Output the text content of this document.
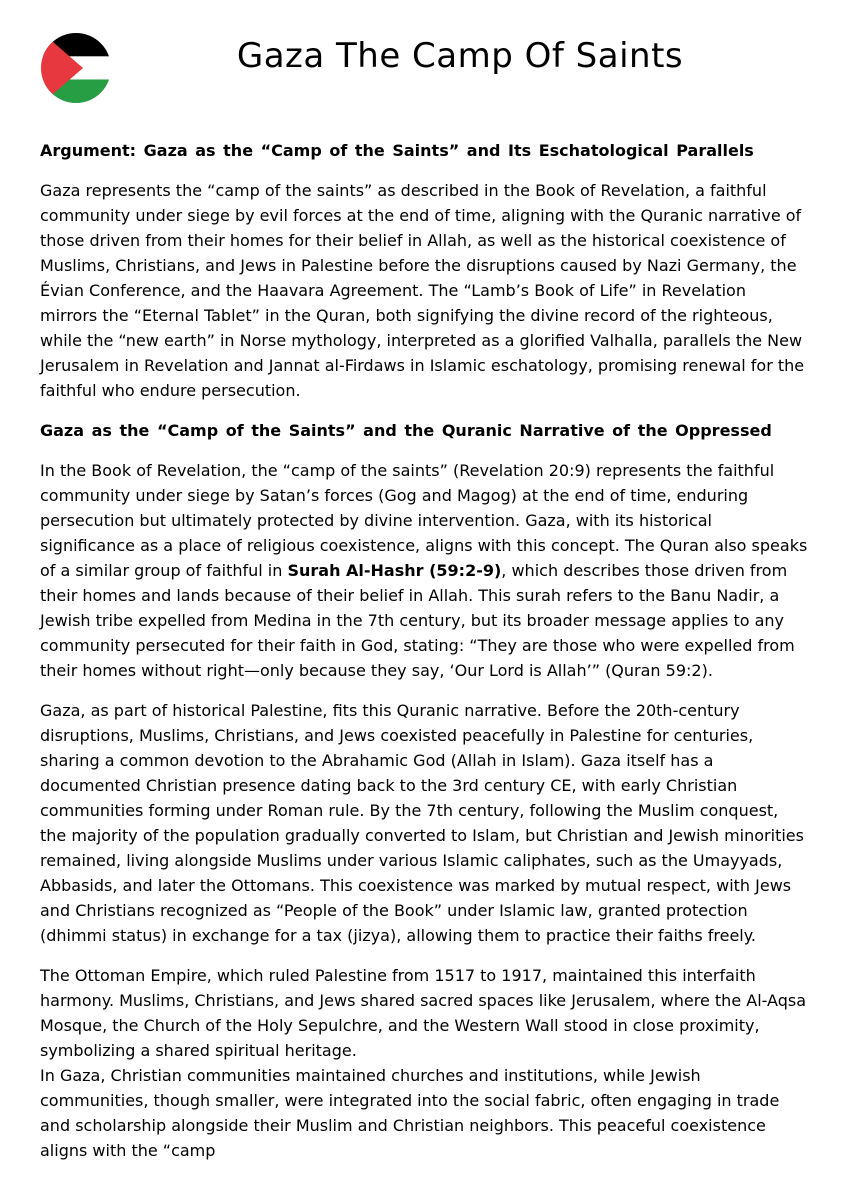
Gaza The Camp Of Saints
Argument: Gaza as the “Camp of the Saints” and Its Eschatological Parallels

Gaza represents the “camp of the saints” as described in the Book of Revelation, a faithful community under siege by evil forces at the end of time, aligning with the Quranic narrative of those driven from their homes for their belief in Allah, as well as the historical coexistence of Muslims, Christians, and Jews in Palestine before the disruptions caused by Nazi Germany, the Évian Conference, and the Haavara Agreement. The “Lamb’s Book of Life” in Revelation mirrors the “Eternal Tablet” in the Quran, both signifying the divine record of the righteous, while the “new earth” in Norse mythology, interpreted as a glorified Valhalla, parallels the New Jerusalem in Revelation and Jannat al-Firdaws in Islamic eschatology, promising renewal for the faithful who endure persecution.

Gaza as the “Camp of the Saints” and the Quranic Narrative of the Oppressed

In the Book of Revelation, the “camp of the saints” (Revelation 20:9) represents the faithful community under siege by Satan’s forces (Gog and Magog) at the end of time, enduring persecution but ultimately protected by divine intervention. Gaza, with its historical significance as a place of religious coexistence, aligns with this concept. The Quran also speaks of a similar group of faithful in Surah Al-Hashr (59:2-9), which describes those driven from their homes and lands because of their belief in Allah. This surah refers to the Banu Nadir, a Jewish tribe expelled from Medina in the 7th century, but its broader message applies to any community persecuted for their faith in God, stating: “They are those who were expelled from their homes without right—only because they say, ‘Our Lord is Allah’” (Quran 59:2).

Gaza, as part of historical Palestine, fits this Quranic narrative. Before the 20th-century disruptions, Muslims, Christians, and Jews coexisted peacefully in Palestine for centuries, sharing a common devotion to the Abrahamic God (Allah in Islam). Gaza itself has a documented Christian presence dating back to the 3rd century CE, with early Christian communities forming under Roman rule. By the 7th century, following the Muslim conquest, the majority of the population gradually converted to Islam, but Christian and Jewish minorities remained, living alongside Muslims under various Islamic caliphates, such as the Umayyads, Abbasids, and later the Ottomans. This coexistence was marked by mutual respect, with Jews and Christians recognized as “People of the Book” under Islamic law, granted protection (dhimmi status) in exchange for a tax (jizya), allowing them to practice their faiths freely.

The Ottoman Empire, which ruled Palestine from 1517 to 1917, maintained this interfaith harmony. Muslims, Christians, and Jews shared sacred spaces like Jerusalem, where the Al-Aqsa Mosque, the Church of the Holy Sepulchre, and the Western Wall stood in close proximity, symbolizing a shared spiritual heritage.

In Gaza, Christian communities maintained churches and institutions, while Jewish communities, though smaller, were integrated into the social fabric, often engaging in trade and scholarship alongside their Muslim and Christian neighbors. This peaceful coexistence aligns with the “camp
